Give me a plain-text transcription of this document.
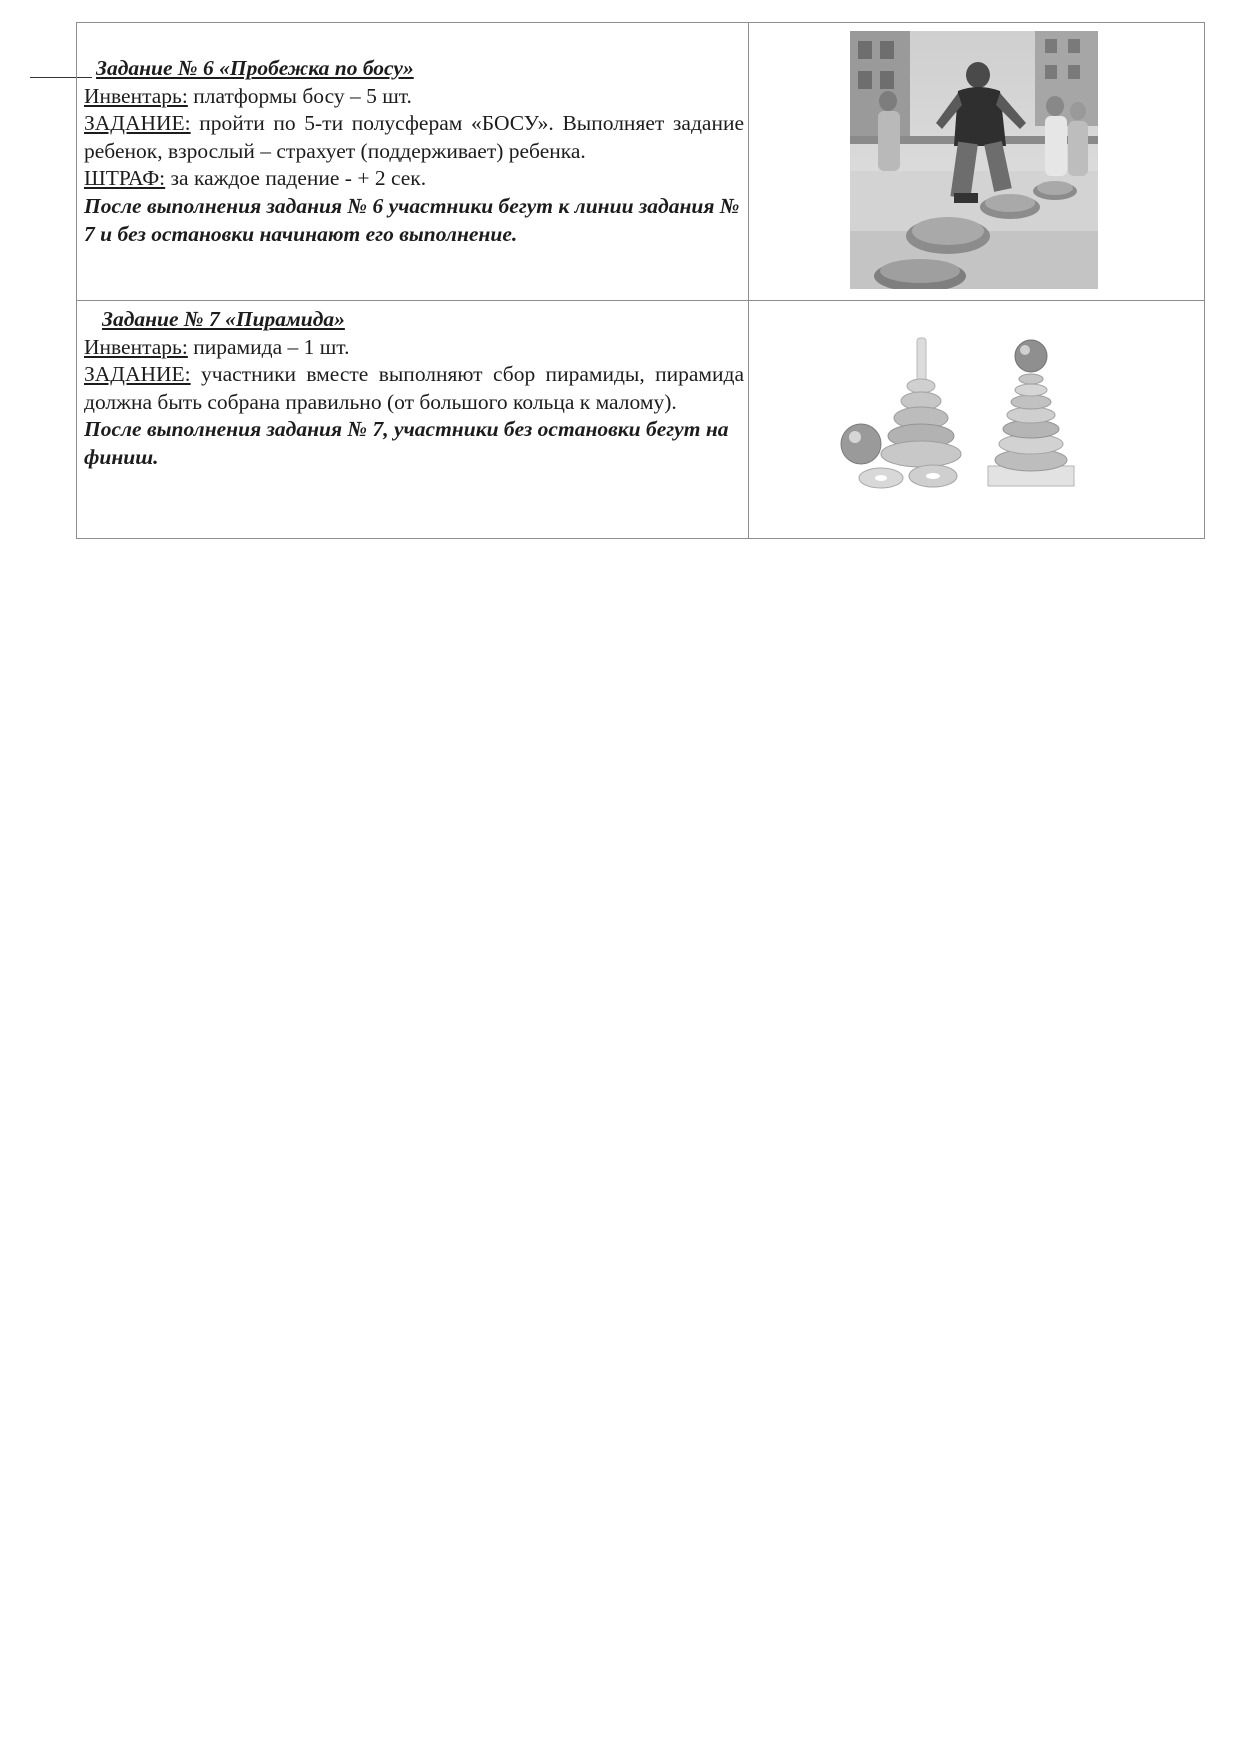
Задание № 6 «Пробежка по босу»
Инвентарь: платформы босу – 5 шт.
ЗАДАНИЕ: пройти по 5-ти полусферам «БОСУ». Выполняет задание ребенок, взрослый – страхует (поддерживает) ребенка.
ШТРАФ: за каждое падение - + 2 сек.
После выполнения задания № 6 участники бегут к линии задания № 7 и без остановки начинают его выполнение.

Задание № 7 «Пирамида»
Инвентарь: пирамида – 1 шт.
ЗАДАНИЕ: участники вместе выполняют сбор пирамиды, пирамида должна быть собрана правильно (от большого кольца к малому).
После выполнения задания № 7, участники без остановки бегут на финиш.
